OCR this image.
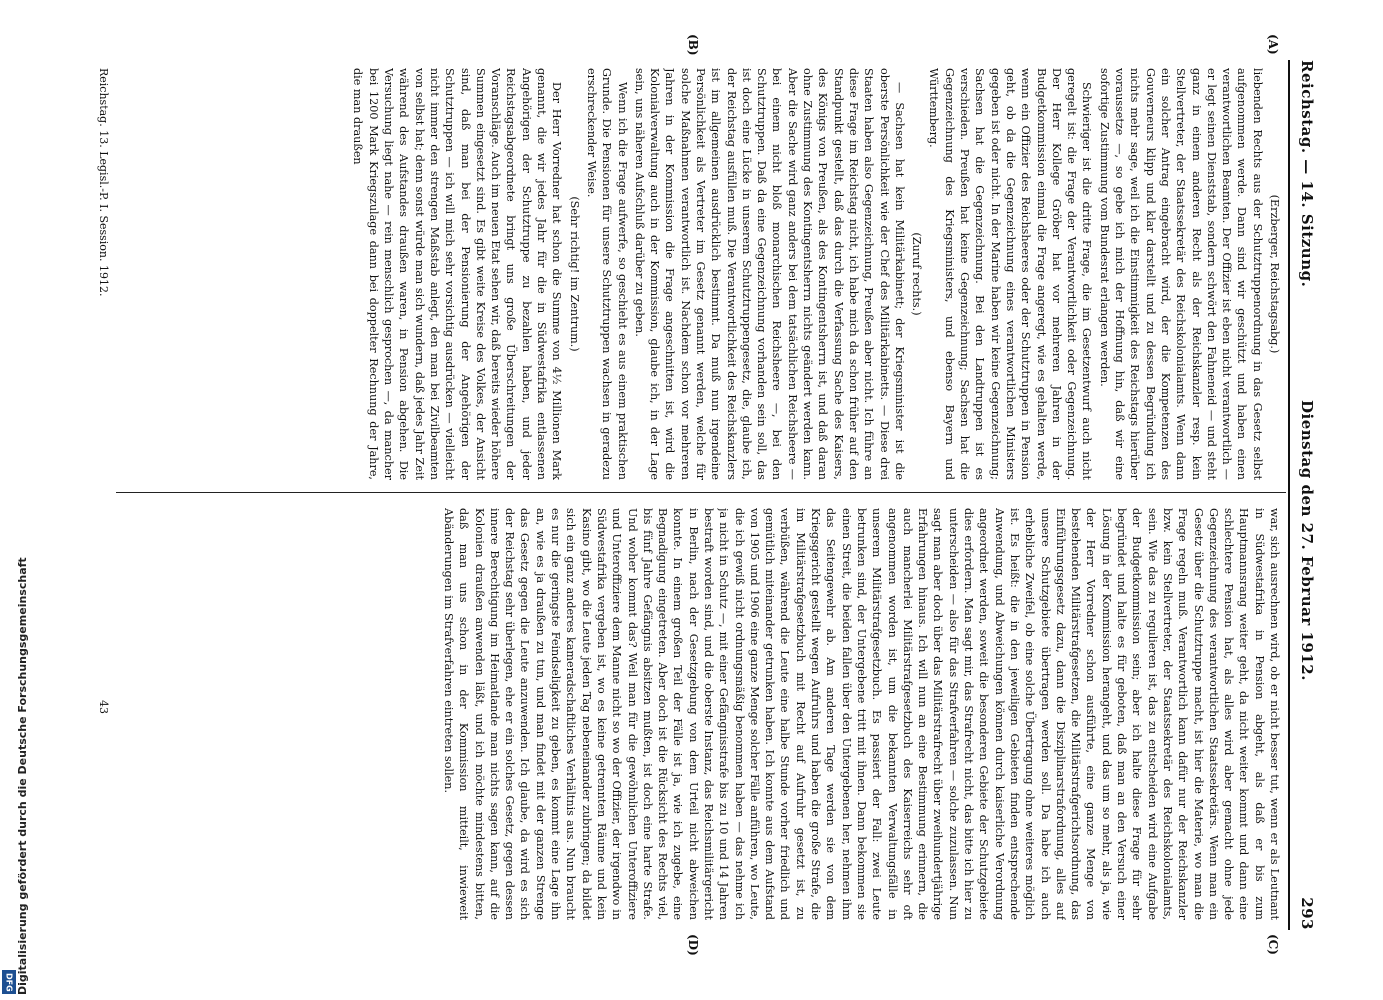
Digitalisierung gefördert durch die Deutsche Forschungsgemeinschaft
DFG
Reichstag. — 14. Sitzung.
Dienstag den 27. Februar 1912.
293
(A)
(B)
(C)
(D)

(Erzberger, Reichstagsabg.)

liebenden Rechts aus der Schutztruppenordnung in das Gesetz selbst aufgenommen werde. Dann sind wir geschützt und haben einen verantwortlichen Beamten. Der Offizier ist eben nicht verantwortlich — er legt seinen Dienststab, sondern schwört den Fahneneid — und steht ganz in einem anderen Recht als der Reichskanzler resp. kein Stellvertreter, der Staatssekretär des Reichskolonialamts. Wenn dann ein solcher Antrag eingebracht wird, der die Kompetenzen des Gouverneurs klipp und klar darstellt und zu dessen Begründung ich nichts mehr sage, weil ich die Einstimmigkeit des Reichstags hierüber voraussetze —, so gebe ich mich der Hoffnung hin, daß wir eine sofortige Zustimmung vom Bundesrat erlangen werden.

Schwieriger ist die dritte Frage, die im Gesetzentwurf auch nicht geregelt ist: die Frage der Verantwortlichkeit oder Gegenzeichnung. Der Herr Kollege Gröber hat vor mehreren Jahren in der Budgetkommission einmal die Frage angeregt, wie es gehalten werde, wenn ein Offizier des Reichsheeres oder der Schutztruppen in Pension geht, ob da die Gegenzeichnung eines verantwortlichen Ministers gegeben ist oder nicht. In der Marine haben wir keine Gegenzeichnung; Sachsen hat die Gegenzeichnung. Bei den Landtruppen ist es verschieden. Preußen hat keine Gegenzeichnung; Sachsen hat die Gegenzeichnung des Kriegsministers, und ebenso Bayern und Württemberg.

(Zuruf rechts.)

— Sachsen hat kein Militärkabinett; der Kriegsminister ist die oberste Persönlichkeit wie der Chef des Militärkabinetts. — Diese drei Staaten haben also Gegenzeichnung, Preußen aber nicht. Ich führe an diese Frage im Reichstag nicht, ich habe mich da schon früher auf den Standpunkt gestellt, daß das durch die Verfassung Sache des Kaisers, des Königs von Preußen, als des Kontingentsherrn ist, und daß daran ohne Zustimmung des Kontingentsherrn nichts geändert werden kann. Aber die Sache wird ganz anders bei dem tatsächlichen Reichsheere — bei einem nicht bloß monarchischen Reichsheere —, bei den Schutztruppen. Daß da eine Gegenzeichnung vorhanden sein soll, das ist doch eine Lücke in unserem Schutztruppengesetz, die, glaube ich, der Reichstag ausfüllen muß. Die Verantwortlichkeit des Reichskanzlers ist im allgemeinen ausdrücklich bestimmt. Da muß nun irgendeine Persönlichkeit als Vertreter im Gesetz genannt werden, welche für solche Maßnahmen verantwortlich ist. Nachdem schon vor mehreren Jahren in der Kommission die Frage angeschnitten ist, wird die Kolonialverwaltung auch in der Kommission, glaube ich, in der Lage sein, uns näheren Aufschluß darüber zu geben.

Wenn ich die Frage aufwerfe, so geschieht es aus einem praktischen Grunde. Die Pensionen für unsere Schutztruppen wachsen in geradezu erschreckender Weise.

(Sehr richtig! im Zentrum.)

Der Herr Vorredner hat schon die Summe von 4½ Millionen Mark genannt, die wir jedes Jahr für die in Südwestafrika entlassenen Angehörigen der Schutztruppe zu bezahlen haben, und jeder Reichstagsabgeordnete bringt uns große Überschreitungen der Voranschläge. Auch im neuen Etat sehen wir, daß bereits wieder höhere Summen eingesetzt sind. Es gibt weite Kreise des Volkes, der Ansicht sind, daß man bei der Pensionierung der Angehörigen der Schutztruppen — ich will mich sehr vorsichtig ausdrücken — vielleicht nicht immer den strengen Maßstab anlegt, den man bei Zivilbeamten von selbst hat; denn sonst würde man sich wundern, daß jedes Jahr Zeit während des Aufstandes draußen waren, in Pension abgehen. Die Versuchung liegt nahe — rein menschlich gesprochen —, da mancher bei 1200 Mark Kriegszulage dann bei doppelter Rechnung der Jahre, die man draußen

war, sich ausrechnen wird, ob er nicht besser tut, wenn er als Leutnant in Südwestafrika in Pension abgeht, als daß er bis zum Hauptmannsrang weiter geht, da nicht weiter kommt und dann eine schlechtere Pension hat, als alles wird aber gemacht ohne jede Gegenzeichnung des verantwortlichen Staatssekretärs. Wenn man ein Gesetz über die Schutztruppe macht, ist hier die Materie, wo man die Frage regeln muß. Verantwortlich kann dafür nur der Reichskanzler bzw. kein Stellvertreter, der Staatssekretär des Reichskolonialamts, sein. Wie das zu regulieren ist, das zu entscheiden wird eine Aufgabe der Budgetkommission sein; aber ich halte diese Frage für sehr begründet und halte es für geboten, daß man an den Versuch einer Lösung in der Kommission herangeht, und das um so mehr, als ja, wie der Herr Vorredner schon ausführte, eine ganze Menge von bestehenden Militärstrafgesetzen, die Militärstrafgerichtsordnung, das Einführungsgesetz dazu, dann die Disziplinarstrafordnung, alles auf unsere Schutzgebiete übertragen werden soll. Da habe ich auch erhebliche Zweifel, ob eine solche Übertragung ohne weiteres möglich ist. Es heißt: die in den jeweiligen Gebieten finden entsprechende Anwendung, und Abweichungen können durch kaiserliche Verordnung angeordnet werden, soweit die besonderen Gebiete der Schutzgebiete dies erfordern. Man sagt mir, das Strafrecht nicht, das bitte ich hier zu unterscheiden — also für das Strafverfahren — solche zuzulassen. Nun sagt man aber doch über das Militärstrafrecht über zweihundertjährige Erfahrungen hinaus. Ich will nun an eine Bestimmung erinnern, die auch mancherlei Militärstrafgesetzbuch des Kaiserreichs sehr oft angenommen worden ist, um die bekannten Verwaltungsfälle in unserem Militärstrafgesetzbuch. Es passiert der Fall: zwei Leute betrunken sind, der Untergebene tritt mit ihnen. Dann bekommen sie einen Streit, die beiden fallen über den Untergebenen her, nehmen ihm das Seitengewehr ab. Am anderen Tage werden sie von dem Kriegsgericht gestellt wegen Aufruhrs und haben die große Strafe, die im Militärstrafgesetzbuch mit Recht auf Aufruhr gesetzt ist, zu verbüßen, während die Leute eine halbe Stunde vorher friedlich und gemütlich miteinander getrunken haben. Ich konnte aus dem Aufstand von 1905 und 1906 eine ganze Menge solcher Fälle anführen, wo Leute, die ich gewiß nicht ordnungsmäßig benommen haben — das nehme ich ja nicht in Schutz —, mit einer Gefängnisstrafe bis zu 10 und 14 Jahren bestraft worden sind, und die oberste Instanz, das Reichsmilitärgericht in Berlin, nach der Gesetzgebung von dem Urteil nicht abweichen konnte. In einem großen Teil der Fälle ist ja, wie ich zugebe, eine Begnadigung eingetreten. Aber doch ist die Rücksicht des Rechts viel, bis fünf Jahre Gefängnis absitzen mußten, ist doch eine harte Strafe. Und woher kommt das? Weil man für die gewöhnlichen Unteroffiziere und Unteroffiziere dem Manne nicht so wo der Offizier, der irgendwo in Südwestafrika vergeben ist, wo es keine getrennten Räume und kein Kasino gibt, wo die Leute jeden Tag nebeneinander zubringen; da bildet sich ein ganz anderes kameradschaftliches Verhältnis aus. Nun braucht es nur die geringste Feindseligkeit zu geben, es kommt eine Lage ihn an, wie es ja draußen zu tun, und man findet mit der ganzen Strenge das Gesetz gegen die Leute anzuwenden. Ich glaube, da wird es sich der Reichstag sehr überlegen, ehe er ein solches Gesetz, gegen dessen innere Berechtigung im Heimatlande man nichts sagen kann, auf die Kolonien draußen anwenden läßt, und ich möchte mindestens bitten, daß man uns schon in der Kommission mitteilt, inwieweit Abänderungen im Strafverfahren eintreten sollen.

Reichstag. 13. Legisl.-P. I. Session. 1912.
43
